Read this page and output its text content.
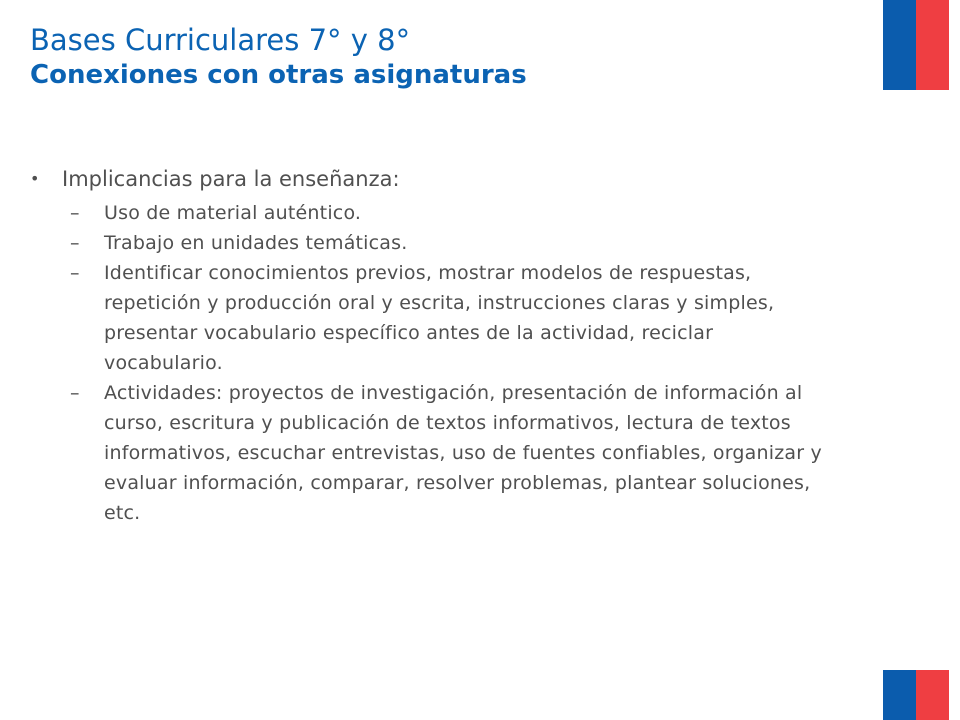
Bases Curriculares 7° y 8°
Conexiones con otras asignaturas
• Implicancias para la enseñanza:
– Uso de material auténtico.
– Trabajo en unidades temáticas.
– Identificar conocimientos previos, mostrar modelos de respuestas, repetición y producción oral y escrita, instrucciones claras y simples, presentar vocabulario específico antes de la actividad, reciclar vocabulario.
– Actividades: proyectos de investigación, presentación de información al curso, escritura y publicación de textos informativos, lectura de textos informativos, escuchar entrevistas, uso de fuentes confiables, organizar y evaluar información, comparar, resolver problemas, plantear soluciones, etc.
